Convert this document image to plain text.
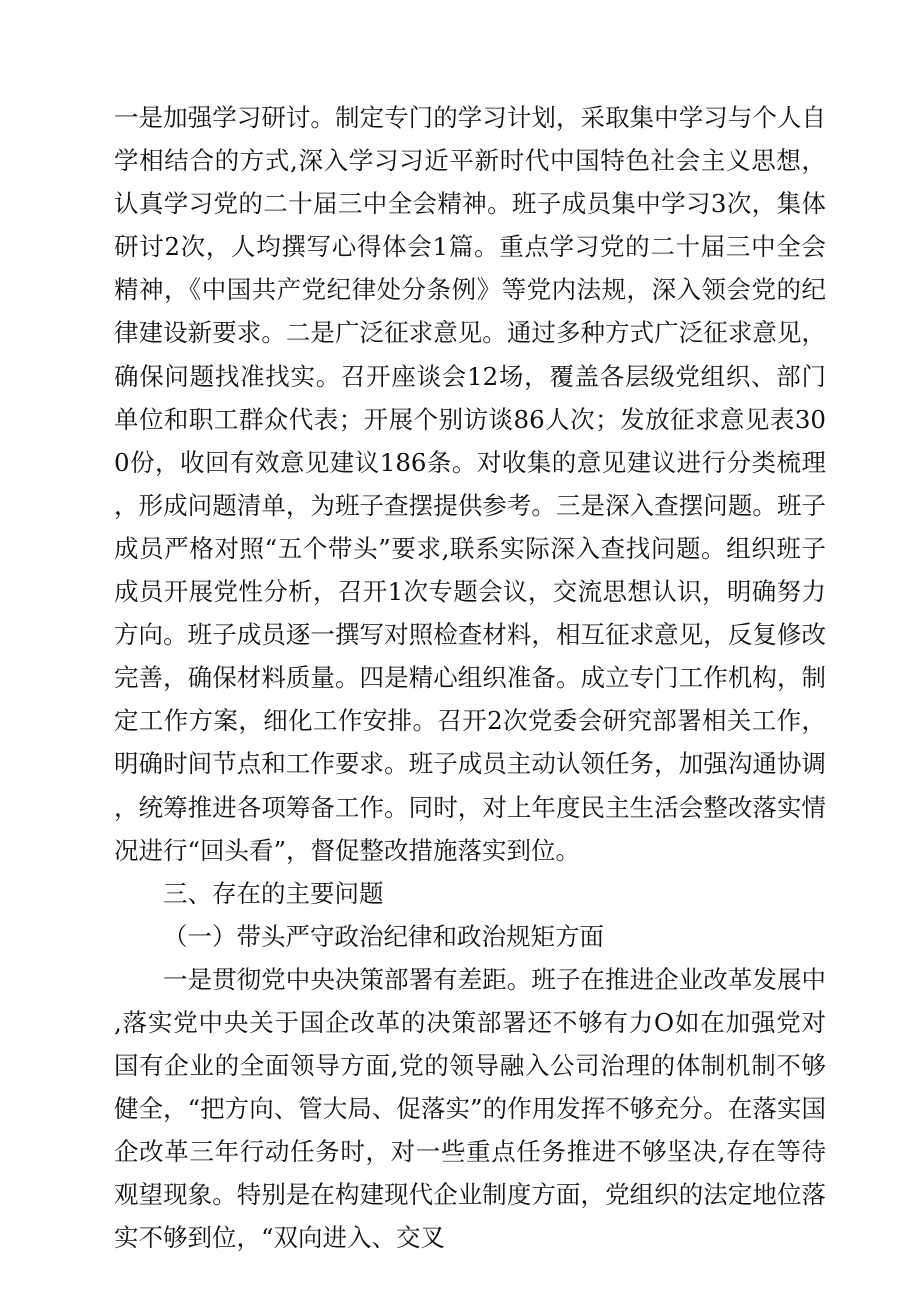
一是加强学习研讨。制定专门的学习计划，采取集中学习与个人自学相结合的方式,深入学习习近平新时代中国特色社会主义思想，认真学习党的二十届三中全会精神。班子成员集中学习3次，集体研讨2次，人均撰写心得体会1篇。重点学习党的二十届三中全会精神，《中国共产党纪律处分条例》等党内法规，深入领会党的纪律建设新要求。二是广泛征求意见。通过多种方式广泛征求意见，确保问题找准找实。召开座谈会12场，覆盖各层级党组织、部门单位和职工群众代表；开展个别访谈86人次；发放征求意见表300份，收回有效意见建议186条。对收集的意见建议进行分类梳理，形成问题清单，为班子查摆提供参考。三是深入查摆问题。班子成员严格对照“五个带头”要求,联系实际深入查找问题。组织班子成员开展党性分析，召开1次专题会议，交流思想认识，明确努力方向。班子成员逐一撰写对照检查材料，相互征求意见，反复修改完善，确保材料质量。四是精心组织准备。成立专门工作机构，制定工作方案，细化工作安排。召开2次党委会研究部署相关工作，明确时间节点和工作要求。班子成员主动认领任务，加强沟通协调，统筹推进各项筹备工作。同时，对上年度民主生活会整改落实情况进行“回头看”，督促整改措施落实到位。

三、存在的主要问题

（一）带头严守政治纪律和政治规矩方面

一是贯彻党中央决策部署有差距。班子在推进企业改革发展中,落实党中央关于国企改革的决策部署还不够有力O如在加强党对国有企业的全面领导方面,党的领导融入公司治理的体制机制不够健全，“把方向、管大局、促落实”的作用发挥不够充分。在落实国企改革三年行动任务时，对一些重点任务推进不够坚决,存在等待观望现象。特别是在构建现代企业制度方面，党组织的法定地位落实不够到位，“双向进入、交叉
